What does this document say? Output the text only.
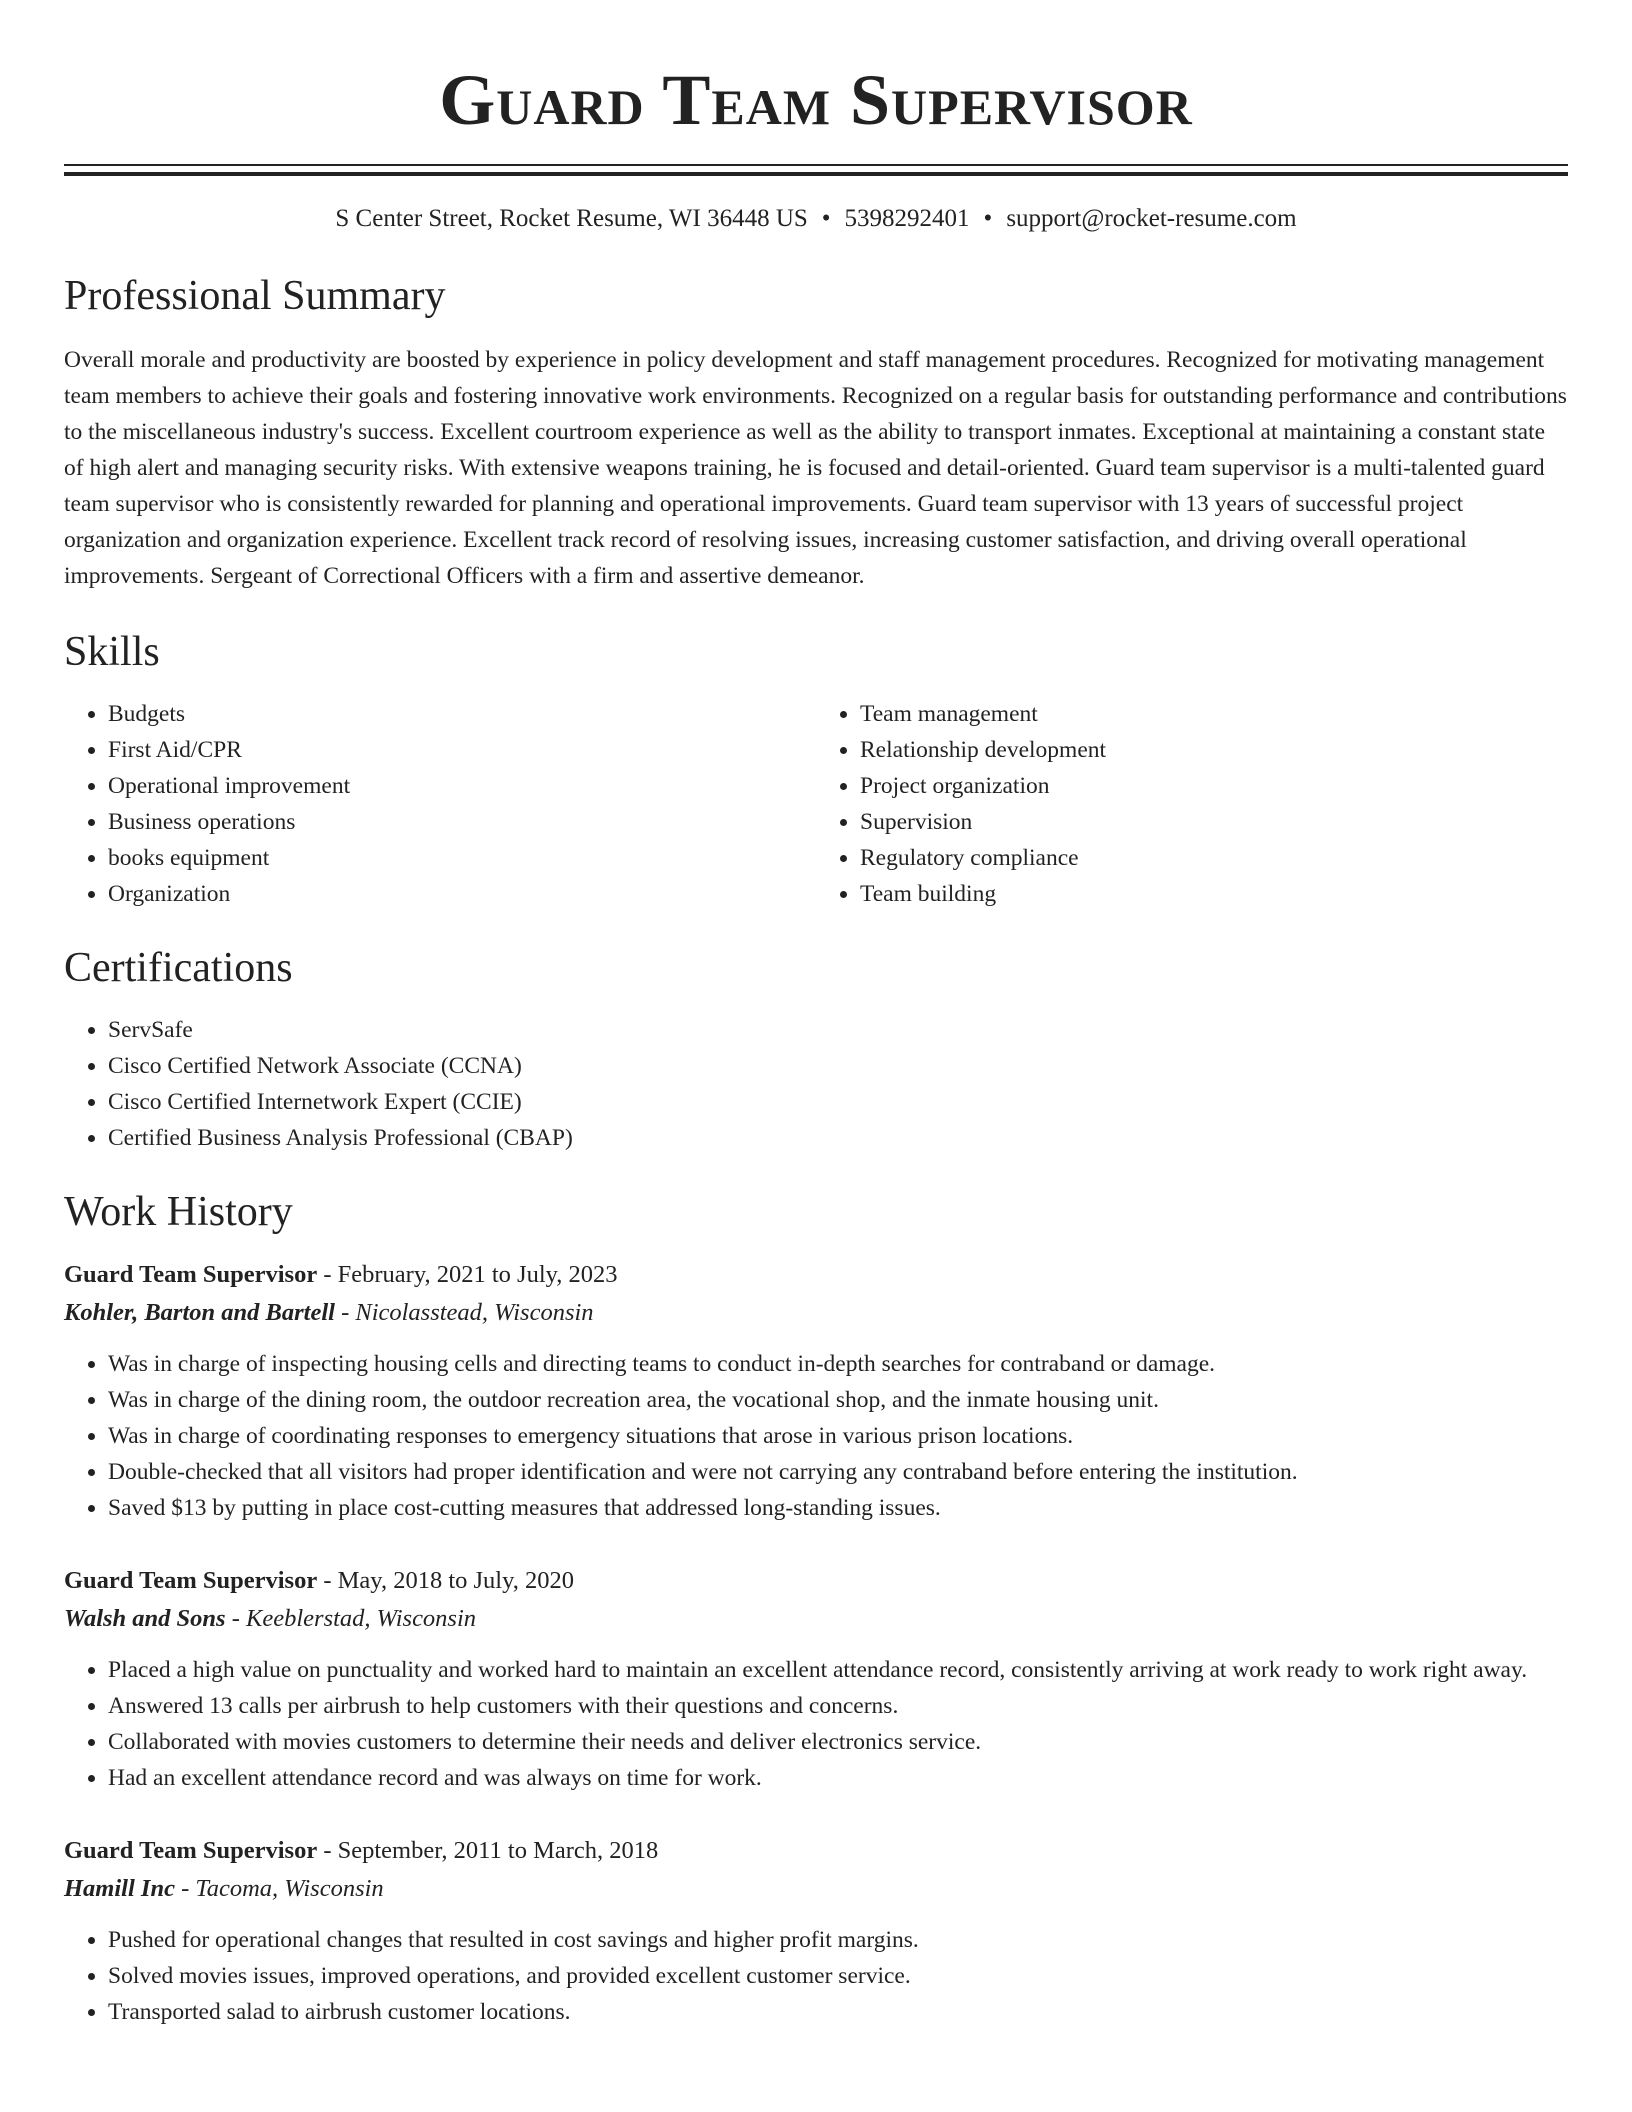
Guard Team Supervisor
S Center Street, Rocket Resume, WI 36448 US • 5398292401 • support@rocket-resume.com
Professional Summary
Overall morale and productivity are boosted by experience in policy development and staff management procedures. Recognized for motivating management team members to achieve their goals and fostering innovative work environments. Recognized on a regular basis for outstanding performance and contributions to the miscellaneous industry's success. Excellent courtroom experience as well as the ability to transport inmates. Exceptional at maintaining a constant state of high alert and managing security risks. With extensive weapons training, he is focused and detail-oriented. Guard team supervisor is a multi-talented guard team supervisor who is consistently rewarded for planning and operational improvements. Guard team supervisor with 13 years of successful project organization and organization experience. Excellent track record of resolving issues, increasing customer satisfaction, and driving overall operational improvements. Sergeant of Correctional Officers with a firm and assertive demeanor.
Skills
• Budgets
• First Aid/CPR
• Operational improvement
• Business operations
• books equipment
• Organization
• Team management
• Relationship development
• Project organization
• Supervision
• Regulatory compliance
• Team building
Certifications
• ServSafe
• Cisco Certified Network Associate (CCNA)
• Cisco Certified Internetwork Expert (CCIE)
• Certified Business Analysis Professional (CBAP)
Work History
Guard Team Supervisor - February, 2021 to July, 2023
Kohler, Barton and Bartell - Nicolasstead, Wisconsin
• Was in charge of inspecting housing cells and directing teams to conduct in-depth searches for contraband or damage.
• Was in charge of the dining room, the outdoor recreation area, the vocational shop, and the inmate housing unit.
• Was in charge of coordinating responses to emergency situations that arose in various prison locations.
• Double-checked that all visitors had proper identification and were not carrying any contraband before entering the institution.
• Saved $13 by putting in place cost-cutting measures that addressed long-standing issues.
Guard Team Supervisor - May, 2018 to July, 2020
Walsh and Sons - Keeblerstad, Wisconsin
• Placed a high value on punctuality and worked hard to maintain an excellent attendance record, consistently arriving at work ready to work right away.
• Answered 13 calls per airbrush to help customers with their questions and concerns.
• Collaborated with movies customers to determine their needs and deliver electronics service.
• Had an excellent attendance record and was always on time for work.
Guard Team Supervisor - September, 2011 to March, 2018
Hamill Inc - Tacoma, Wisconsin
• Pushed for operational changes that resulted in cost savings and higher profit margins.
• Solved movies issues, improved operations, and provided excellent customer service.
• Transported salad to airbrush customer locations.
